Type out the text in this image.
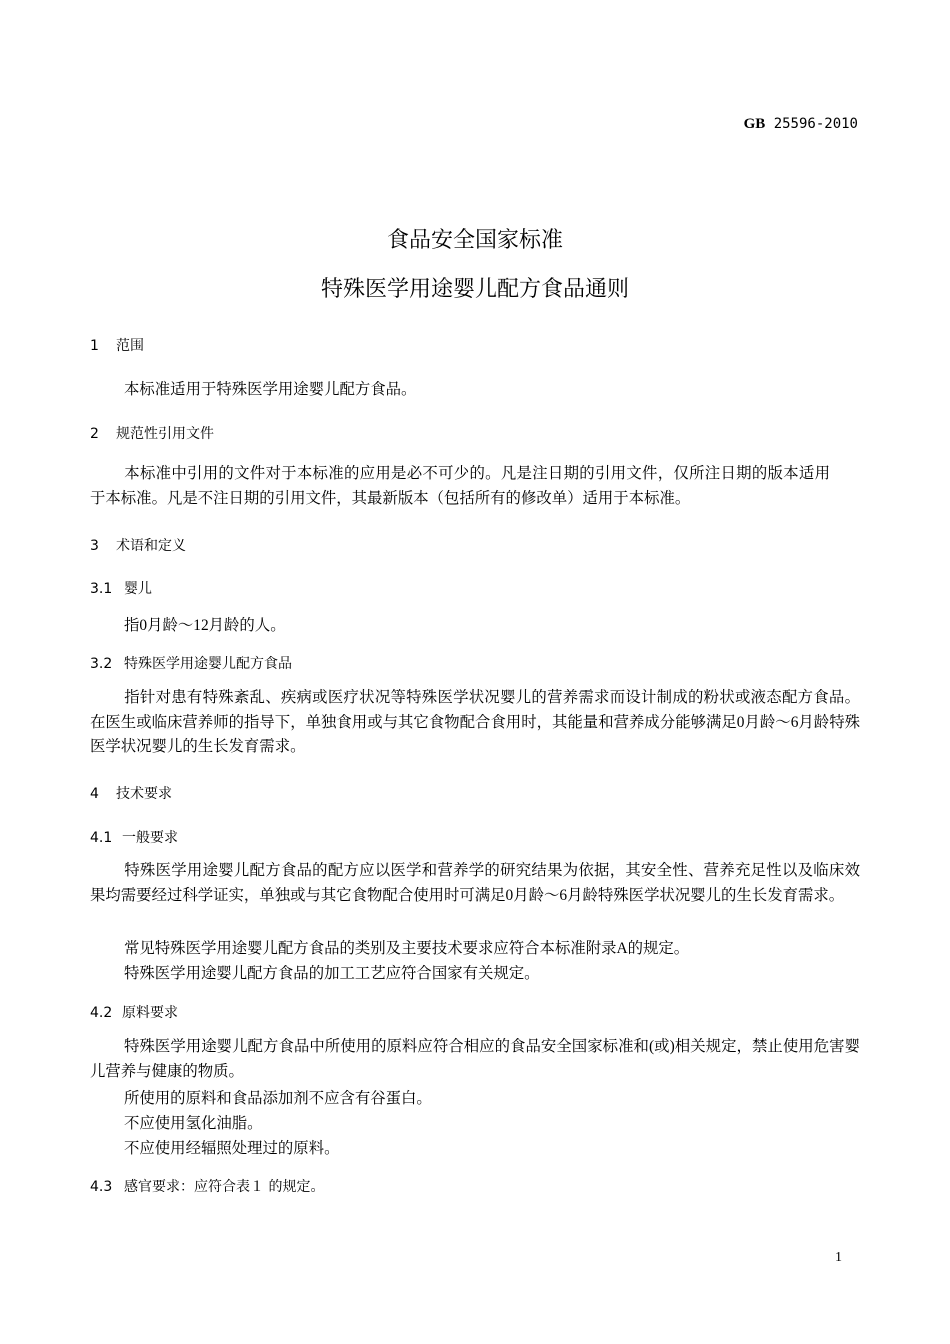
GB 25596-2010
食品安全国家标准
特殊医学用途婴儿配方食品通则
1 范围
本标准适用于特殊医学用途婴儿配方食品。
2 规范性引用文件
本标准中引用的文件对于本标准的应用是必不可少的。凡是注日期的引用文件，仅所注日期的版本适用于本标准。凡是不注日期的引用文件，其最新版本（包括所有的修改单）适用于本标准。
3 术语和定义
3.1 婴儿
指0月龄～12月龄的人。
3.2 特殊医学用途婴儿配方食品
指针对患有特殊紊乱、疾病或医疗状况等特殊医学状况婴儿的营养需求而设计制成的粉状或液态配方食品。在医生或临床营养师的指导下，单独食用或与其它食物配合食用时，其能量和营养成分能够满足0月龄～6月龄特殊医学状况婴儿的生长发育需求。
4 技术要求
4.1 一般要求
特殊医学用途婴儿配方食品的配方应以医学和营养学的研究结果为依据，其安全性、营养充足性以及临床效果均需要经过科学证实，单独或与其它食物配合使用时可满足0月龄～6月龄特殊医学状况婴儿的生长发育需求。
常见特殊医学用途婴儿配方食品的类别及主要技术要求应符合本标准附录A的规定。
特殊医学用途婴儿配方食品的加工工艺应符合国家有关规定。
4.2 原料要求
特殊医学用途婴儿配方食品中所使用的原料应符合相应的食品安全国家标准和(或)相关规定，禁止使用危害婴儿营养与健康的物质。
所使用的原料和食品添加剂不应含有谷蛋白。
不应使用氢化油脂。
不应使用经辐照处理过的原料。
4.3 感官要求：应符合表１ 的规定。
1
